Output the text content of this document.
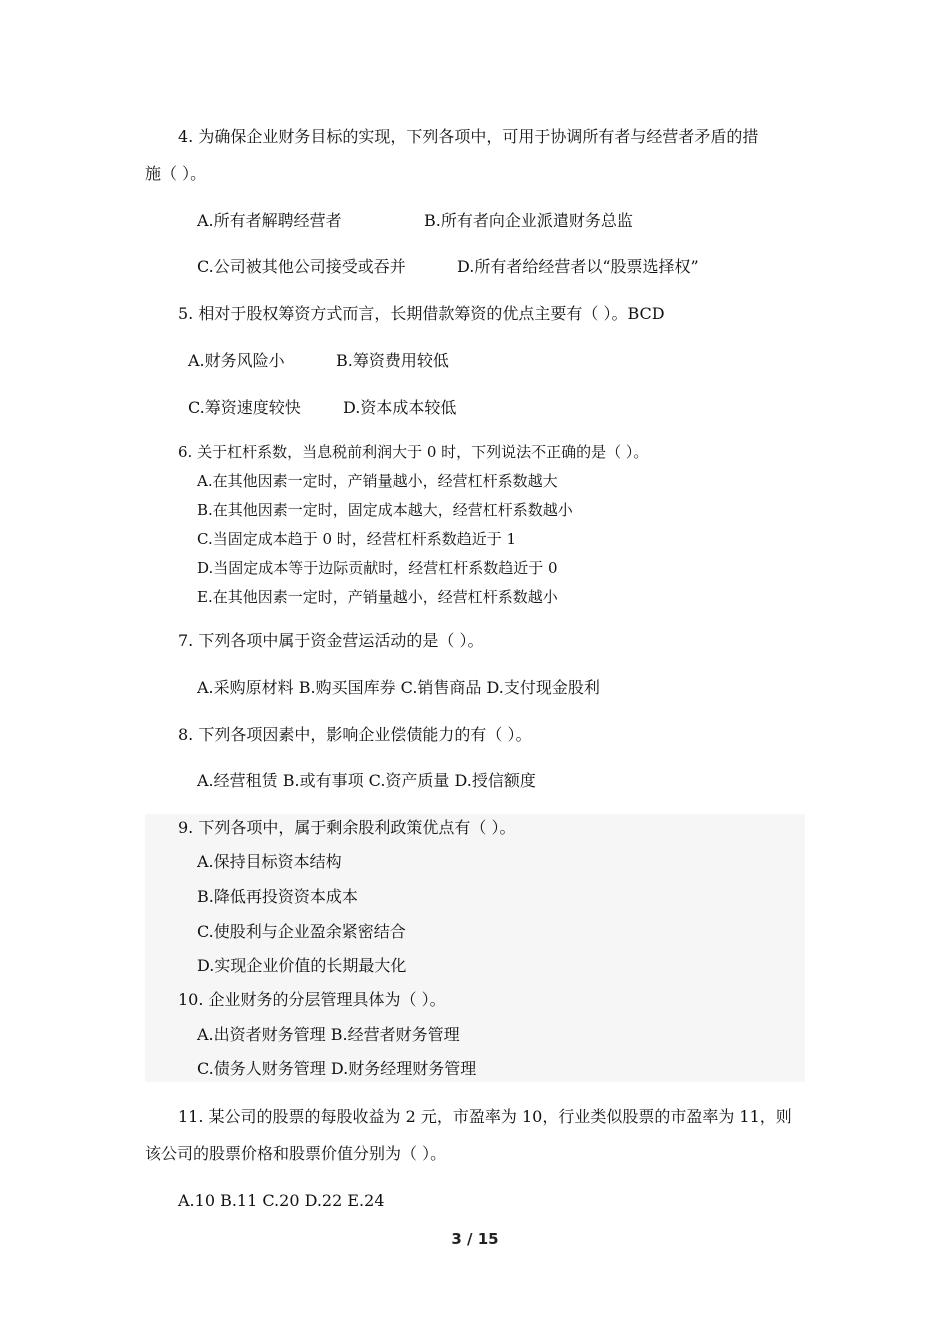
4. 为确保企业财务目标的实现，下列各项中，可用于协调所有者与经营者矛盾的措
施（ ）。
A.所有者解聘经营者	B.所有者向企业派遣财务总监
C.公司被其他公司接受或吞并	D.所有者给经营者以“股票选择权”
5. 相对于股权筹资方式而言，长期借款筹资的优点主要有（ ）。BCD
A.财务风险小	B.筹资费用较低
C.筹资速度较快	D.资本成本较低
6. 关于杠杆系数，当息税前利润大于 0 时，下列说法不正确的是（ ）。
A.在其他因素一定时，产销量越小，经营杠杆系数越大
B.在其他因素一定时，固定成本越大，经营杠杆系数越小
C.当固定成本趋于 0 时，经营杠杆系数趋近于 1
D.当固定成本等于边际贡献时，经营杠杆系数趋近于 0
E.在其他因素一定时，产销量越小，经营杠杆系数越小
7. 下列各项中属于资金营运活动的是（ ）。
A.采购原材料 B.购买国库券 C.销售商品 D.支付现金股利
8. 下列各项因素中，影响企业偿债能力的有（ ）。
A.经营租赁 B.或有事项 C.资产质量 D.授信额度
9. 下列各项中，属于剩余股利政策优点有（ ）。
A.保持目标资本结构
B.降低再投资资本成本
C.使股利与企业盈余紧密结合
D.实现企业价值的长期最大化
10. 企业财务的分层管理具体为（ ）。
A.出资者财务管理 B.经营者财务管理
C.债务人财务管理 D.财务经理财务管理
11. 某公司的股票的每股收益为 2 元，市盈率为 10，行业类似股票的市盈率为 11，则
该公司的股票价格和股票价值分别为（ ）。
A.10 B.11 C.20 D.22 E.24
3 / 15
